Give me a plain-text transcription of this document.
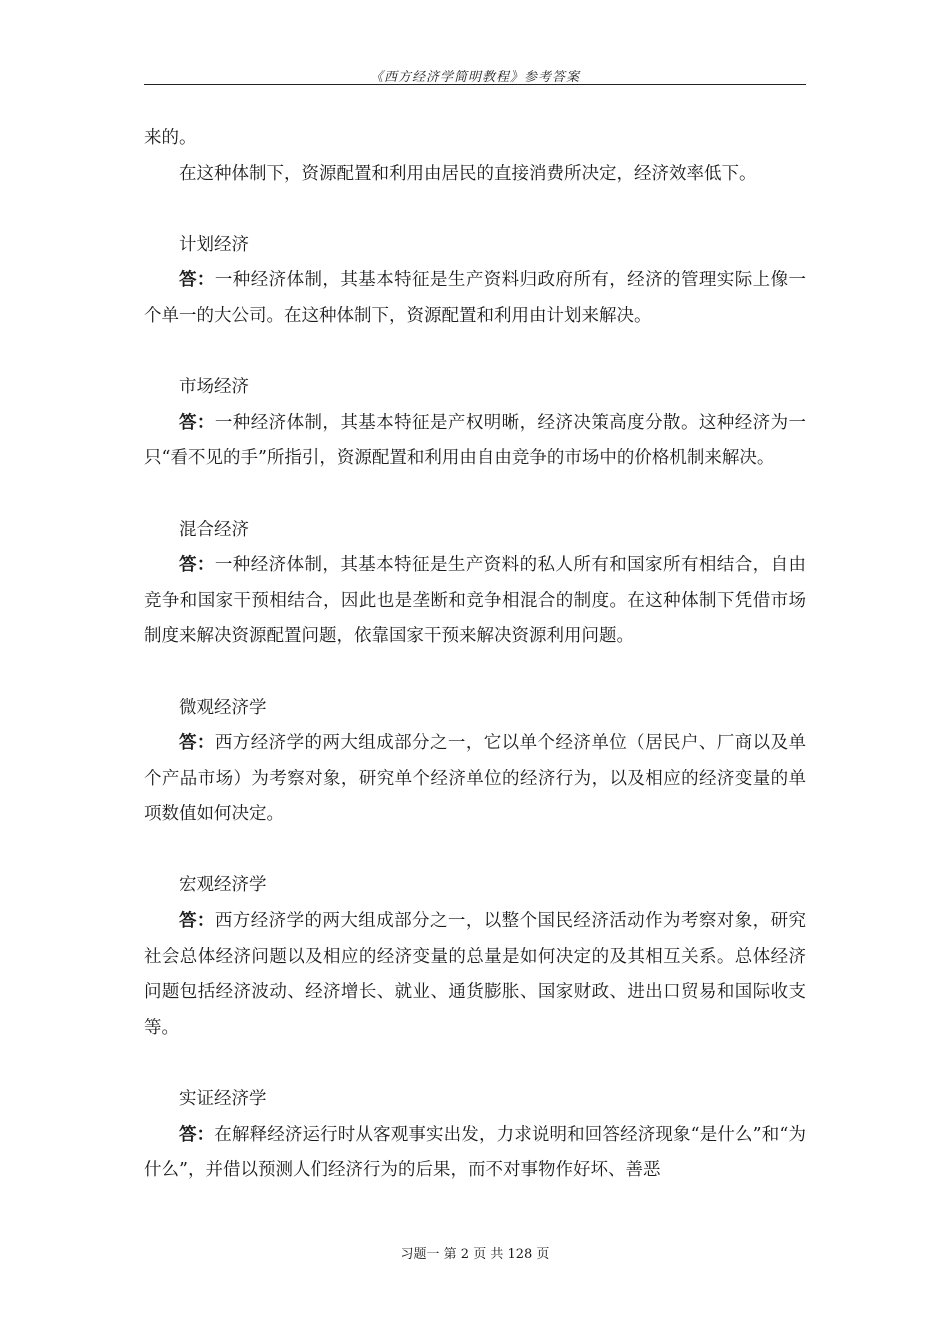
《西方经济学简明教程》参考答案

来的。

在这种体制下，资源配置和利用由居民的直接消费所决定，经济效率低下。

计划经济

答：一种经济体制，其基本特征是生产资料归政府所有，经济的管理实际上像一个单一的大公司。在这种体制下，资源配置和利用由计划来解决。

市场经济

答：一种经济体制，其基本特征是产权明晰，经济决策高度分散。这种经济为一只“看不见的手”所指引，资源配置和利用由自由竞争的市场中的价格机制来解决。

混合经济

答：一种经济体制，其基本特征是生产资料的私人所有和国家所有相结合，自由竞争和国家干预相结合，因此也是垄断和竞争相混合的制度。在这种体制下凭借市场制度来解决资源配置问题，依靠国家干预来解决资源利用问题。

微观经济学

答：西方经济学的两大组成部分之一，它以单个经济单位（居民户、厂商以及单个产品市场）为考察对象，研究单个经济单位的经济行为，以及相应的经济变量的单项数值如何决定。

宏观经济学

答：西方经济学的两大组成部分之一，以整个国民经济活动作为考察对象，研究社会总体经济问题以及相应的经济变量的总量是如何决定的及其相互关系。总体经济问题包括经济波动、经济增长、就业、通货膨胀、国家财政、进出口贸易和国际收支等。

实证经济学

答：在解释经济运行时从客观事实出发，力求说明和回答经济现象“是什么”和“为什么”，并借以预测人们经济行为的后果，而不对事物作好坏、善恶

习题一 第 2 页 共 128 页
